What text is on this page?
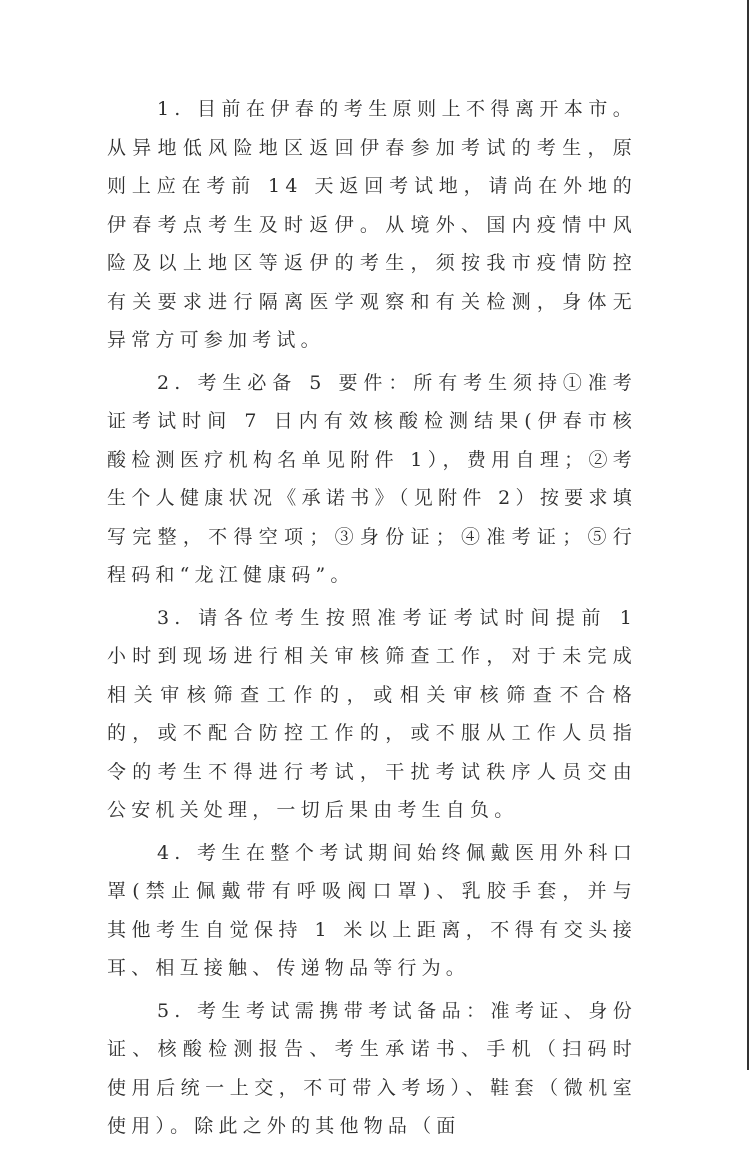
1. 目前在伊春的考生原则上不得离开本市。从异地低风险地区返回伊春参加考试的考生，原则上应在考前 14 天返回考试地，请尚在外地的伊春考点考生及时返伊。从境外、国内疫情中风险及以上地区等返伊的考生，须按我市疫情防控有关要求进行隔离医学观察和有关检测，身体无异常方可参加考试。

2. 考生必备 5 要件：所有考生须持①准考证考试时间 7 日内有效核酸检测结果(伊春市核酸检测医疗机构名单见附件 1），费用自理；②考生个人健康状况《承诺书》（见附件 2）按要求填写完整，不得空项；③身份证；④准考证；⑤行程码和“龙江健康码”。

3. 请各位考生按照准考证考试时间提前 1 小时到现场进行相关审核筛查工作，对于未完成相关审核筛查工作的，或相关审核筛查不合格的，或不配合防控工作的，或不服从工作人员指令的考生不得进行考试，干扰考试秩序人员交由公安机关处理，一切后果由考生自负。

4. 考生在整个考试期间始终佩戴医用外科口罩(禁止佩戴带有呼吸阀口罩)、乳胶手套，并与其他考生自觉保持 1 米以上距离，不得有交头接耳、相互接触、传递物品等行为。

5. 考生考试需携带考试备品：准考证、身份证、核酸检测报告、考生承诺书、手机（扫码时使用后统一上交，不可带入考场）、鞋套（微机室使用）。除此之外的其他物品（面
